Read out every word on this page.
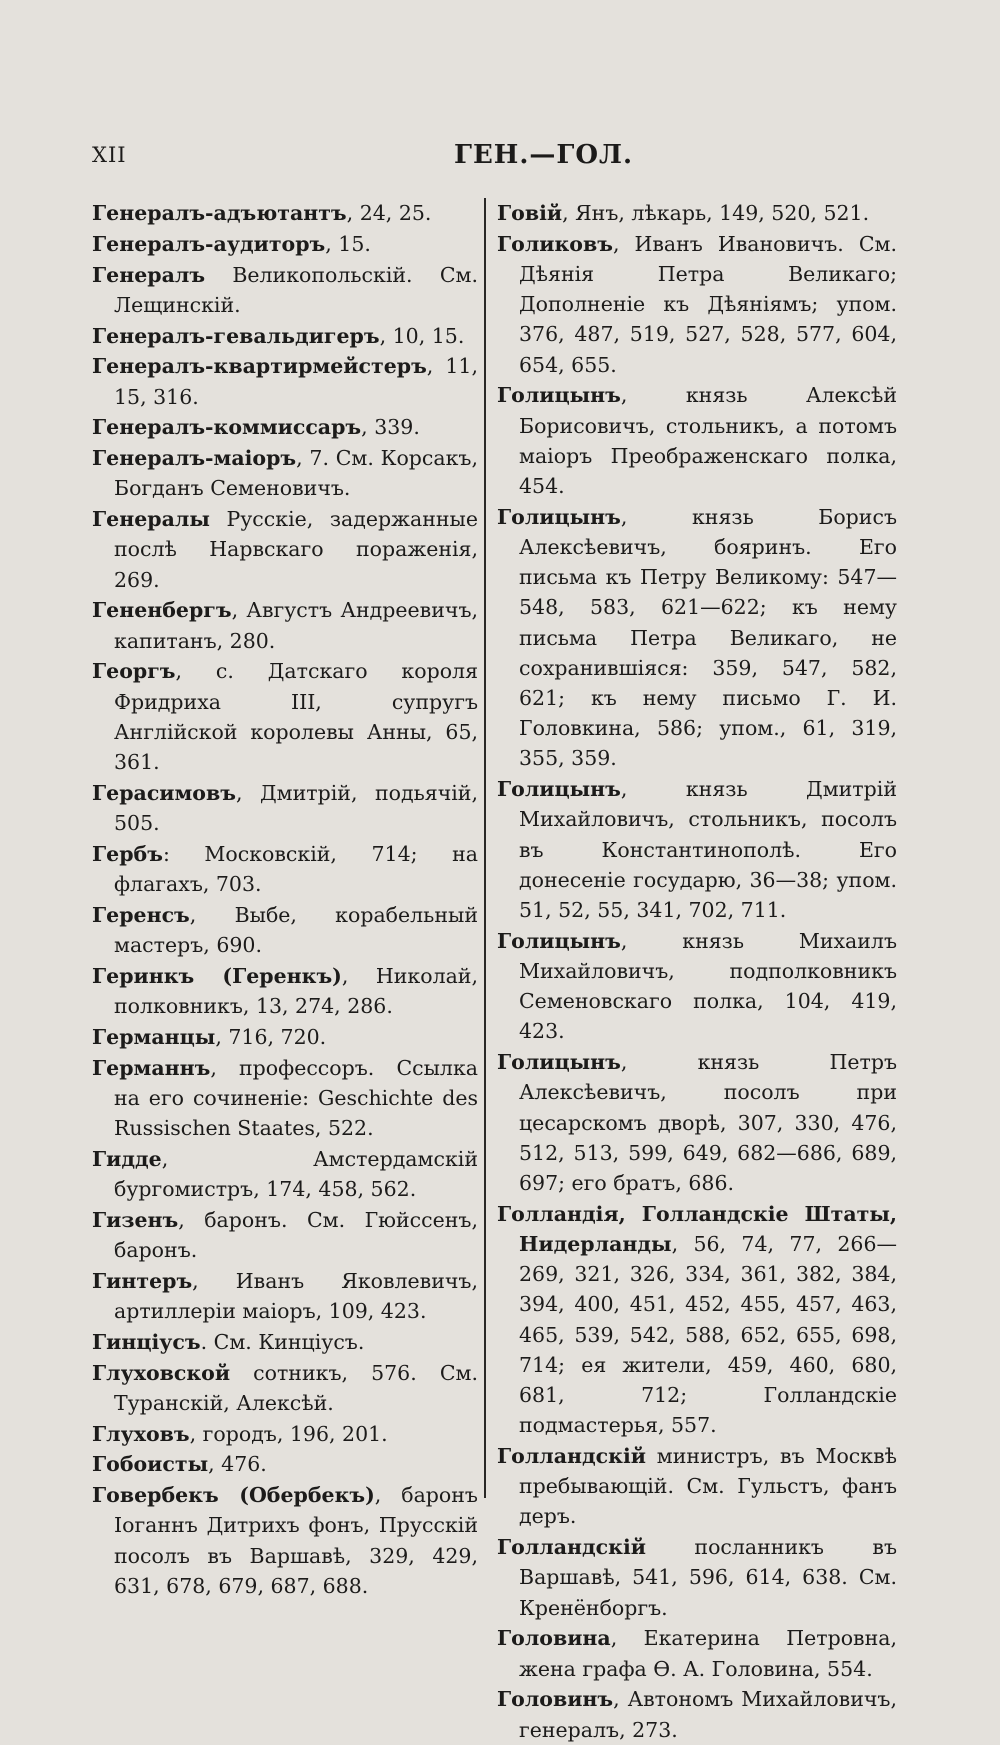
XII	ГЕН.—ГОЛ.
Генералъ-адъютантъ, 24, 25.
Генералъ-аудиторъ, 15.
Генералъ Великопольскій. См. Лещинскій.
Генералъ-гевальдигеръ, 10, 15.
Генералъ-квартирмейстеръ, 11, 15, 316.
Генералъ-коммиссаръ, 339.
Генералъ-маіоръ, 7. См. Корсакъ, Богданъ Семеновичъ.
Генералы Русскіе, задержанные послѣ Нарвскаго пораженія, 269.
Гененбергъ, Августъ Андреевичъ, капитанъ, 280.
Георгъ, с. Датскаго короля Фридриха III, супругъ Англійской королевы Анны, 65, 361.
Герасимовъ, Дмитрій, подьячій, 505.
Гербъ: Московскій, 714; на флагахъ, 703.
Геренсъ, Выбе, корабельный мастеръ, 690.
Геринкъ (Геренкъ), Николай, полковникъ, 13, 274, 286.
Германцы, 716, 720.
Германнъ, профессоръ. Ссылка на его сочиненіе: Geschichte des Russischen Staates, 522.
Гидде, Амстердамскій бургомистръ, 174, 458, 562.
Гизенъ, баронъ. См. Гюйссенъ, баронъ.
Гинтеръ, Иванъ Яковлевичъ, артиллеріи маіоръ, 109, 423.
Гинціусъ. См. Кинціусъ.
Глуховской сотникъ, 576. См. Туранскій, Алексѣй.
Глуховъ, городъ, 196, 201.
Гобоисты, 476.
Говербекъ (Обербекъ), баронъ Іоганнъ Дитрихъ фонъ, Прусскій посолъ въ Варшавѣ, 329, 429, 631, 678, 679, 687, 688.
Говій, Янъ, лѣкарь, 149, 520, 521.
Голиковъ, Иванъ Ивановичъ. См. Дѣянія Петра Великаго; Дополненіе къ Дѣяніямъ; упом. 376, 487, 519, 527, 528, 577, 604, 654, 655.
Голицынъ, князь Алексѣй Борисовичъ, стольникъ, а потомъ маіоръ Преображенскаго полка, 454.
Голицынъ, князь Борисъ Алексѣевичъ, бояринъ. Его письма къ Петру Великому: 547—548, 583, 621—622; къ нему письма Петра Великаго, не сохранившіяся: 359, 547, 582, 621; къ нему письмо Г. И. Головкина, 586; упом., 61, 319, 355, 359.
Голицынъ, князь Дмитрій Михайловичъ, стольникъ, посолъ въ Константинополѣ. Его донесеніе государю, 36—38; упом. 51, 52, 55, 341, 702, 711.
Голицынъ, князь Михаилъ Михайловичъ, подполковникъ Семеновскаго полка, 104, 419, 423.
Голицынъ, князь Петръ Алексѣевичъ, посолъ при цесарскомъ дворѣ, 307, 330, 476, 512, 513, 599, 649, 682—686, 689, 697; его братъ, 686.
Голландія, Голландскіе Штаты, Нидерланды, 56, 74, 77, 266—269, 321, 326, 334, 361, 382, 384, 394, 400, 451, 452, 455, 457, 463, 465, 539, 542, 588, 652, 655, 698, 714; ея жители, 459, 460, 680, 681, 712; Голландскіе подмастерья, 557.
Голландскій министръ, въ Москвѣ пребывающій. См. Гульстъ, фанъ деръ.
Голландскій посланникъ въ Варшавѣ, 541, 596, 614, 638. См. Кренёнборгъ.
Головина, Екатерина Петровна, жена графа Ѳ. А. Головина, 554.
Головинъ, Автономъ Михайловичъ, генералъ, 273.
